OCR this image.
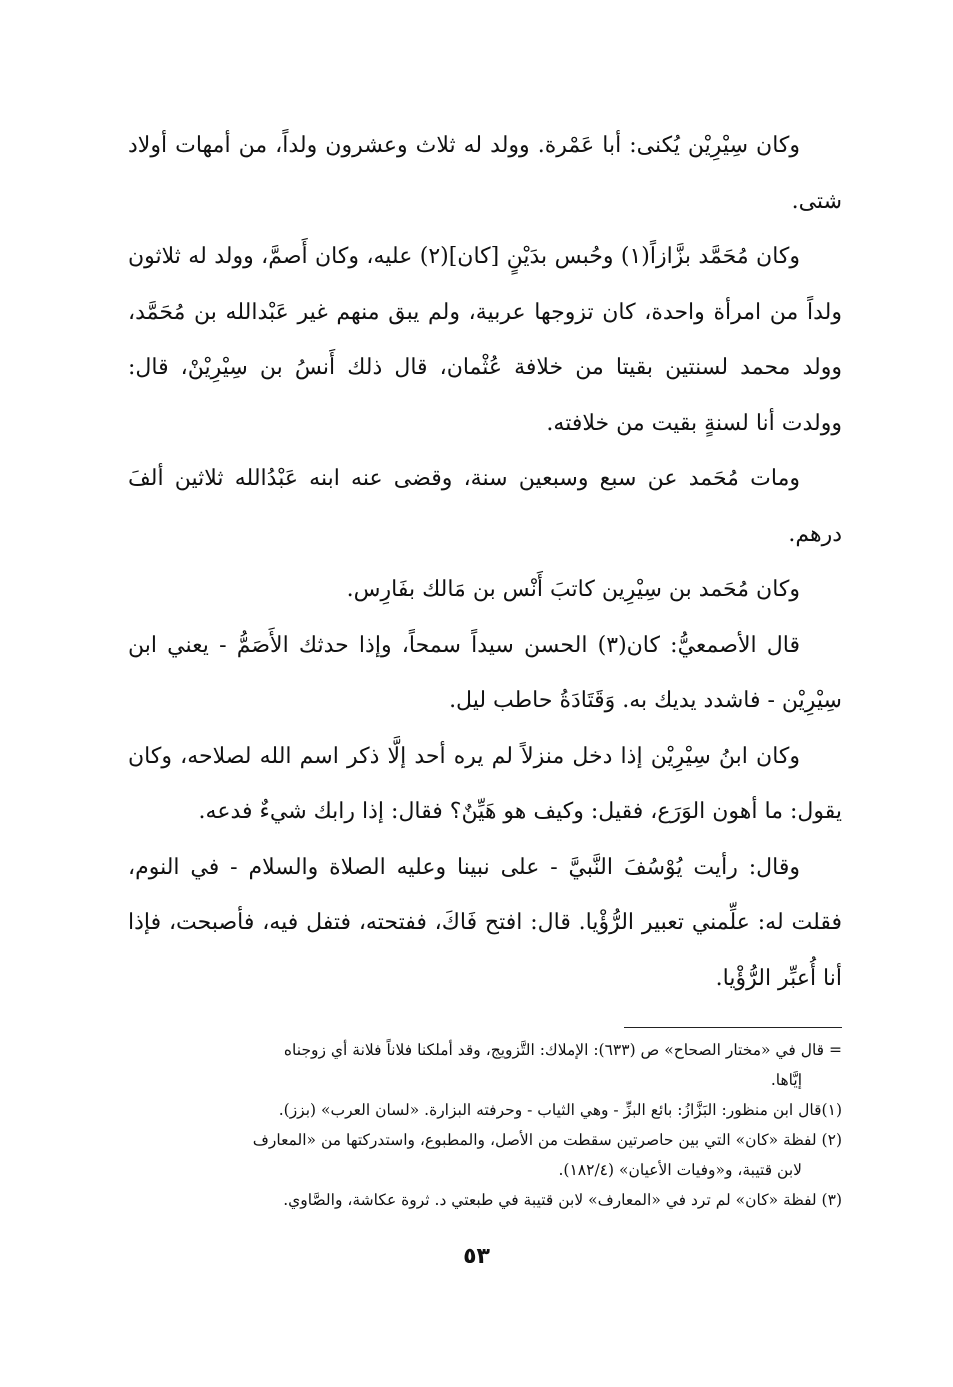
وكان سِيْرِيْن يُكنى: أبا عَمْرة. وولد له ثلاث وعشرون ولداً، من أمهات أولاد شتى.

وكان مُحَمَّد بزَّازاً(١) وحُبس بدَيْنٍ [كان](٢) عليه، وكان أَصمَّ، وولد له ثلاثون ولداً من امرأة واحدة، كان تزوجها عربية، ولم يبق منهم غير عَبْدالله بن مُحَمَّد، وولد محمد لسنتين بقيتا من خلافة عُثْمان، قال ذلك أَنسُ بن سِيْرِيْنْ، قال: وولدت أنا لسنةٍ بقيت من خلافته.

ومات مُحَمد عن سبع وسبعين سنة، وقضى عنه ابنه عَبْدُالله ثلاثين ألفَ درهم.

وكان مُحَمد بن سِيْرِين كاتبَ أَنْس بن مَالك بفَارِس.

قال الأصمعيُّ: كان(٣) الحسن سيداً سمحاً، وإذا حدثك الأَصَمُّ - يعني ابن سِيْرِيْن - فاشدد يديك به. وَقَتَادَةُ حاطب ليل.

وكان ابنُ سِيْرِيْن إذا دخل منزلاً لم يره أحد إلَّا ذكر اسم الله لصلاحه، وكان يقول: ما أهون الوَرَع، فقيل: وكيف هو هَيِّنٌ؟ فقال: إذا رابك شيءٌ فدعه.

وقال: رأيت يُوْسُفَ النَّبيَّ - على نبينا وعليه الصلاة والسلام - في النوم، فقلت له: علِّمني تعبير الرُّؤْيا. قال: افتح فَاكَ، ففتحته، فتفل فيه، فأصبحت، فإذا أنا أُعبِّر الرُّؤْيا.

= قال في «مختار الصحاح» ص (٦٣٣): الإملاك: التَّزويج، وقد أملكنا فلاناً فلانة أي زوجناه

إيَّاها.

(١)قال ابن منظور: البَزَّازُ: بائع البزِّ - وهي الثياب - وحرفته البزارة. «لسان العرب» (بزز).

(٢) لفظة «كان» التي بين حاصرتين سقطت من الأصل، والمطبوع، واستدركتها من «المعارف

لابن قتيبة، و«وفيات الأعيان» (١٨٢/٤).

(٣) لفظة «كان» لم ترد في «المعارف» لابن قتيبة في طبعتي د. ثروة عكاشة، والصَّاوي.

٥٣
